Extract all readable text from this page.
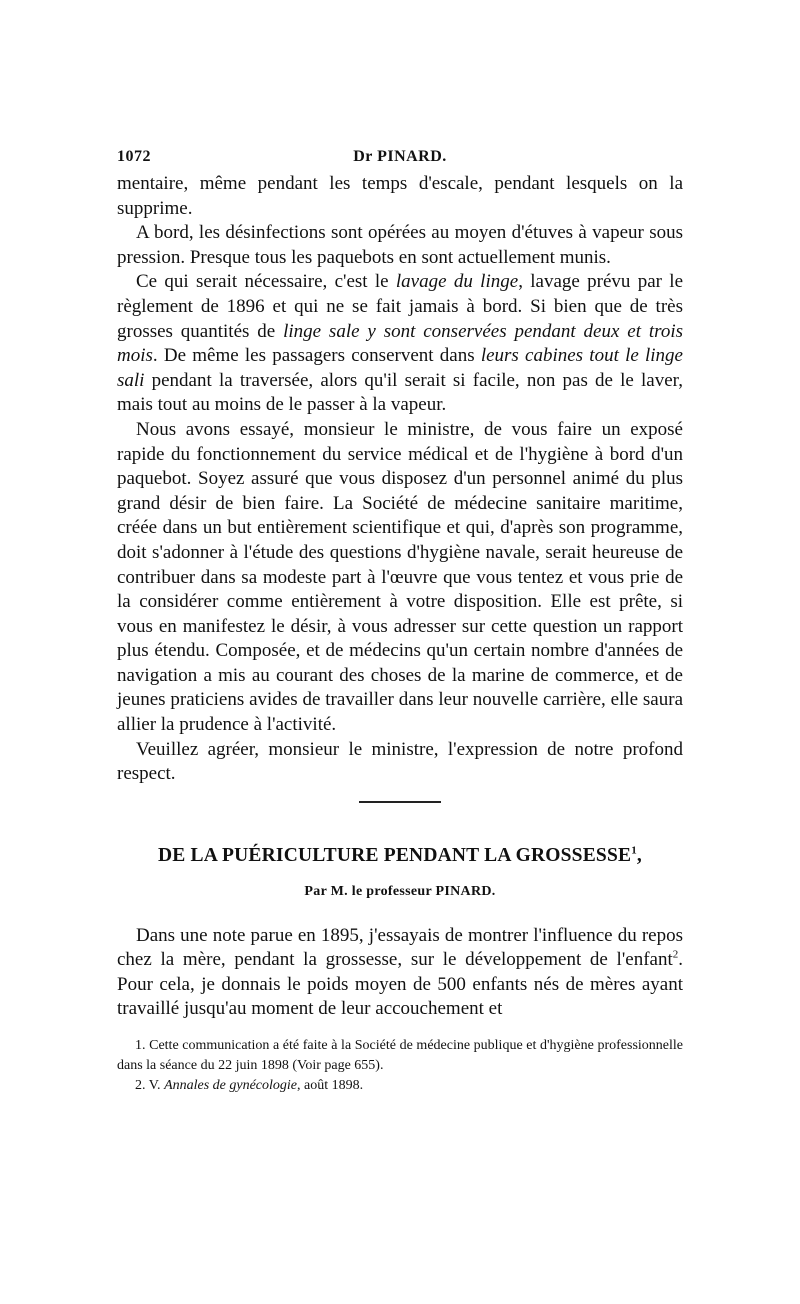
1072	Dr PINARD.

mentaire, même pendant les temps d'escale, pendant lesquels on la supprime.

A bord, les désinfections sont opérées au moyen d'étuves à vapeur sous pression. Presque tous les paquebots en sont actuellement munis.

Ce qui serait nécessaire, c'est le lavage du linge, lavage prévu par le règlement de 1896 et qui ne se fait jamais à bord. Si bien que de très grosses quantités de linge sale y sont conservées pendant deux et trois mois. De même les passagers conservent dans leurs cabines tout le linge sali pendant la traversée, alors qu'il serait si facile, non pas de le laver, mais tout au moins de le passer à la vapeur.

Nous avons essayé, monsieur le ministre, de vous faire un exposé rapide du fonctionnement du service médical et de l'hygiène à bord d'un paquebot. Soyez assuré que vous disposez d'un personnel animé du plus grand désir de bien faire. La Société de médecine sanitaire maritime, créée dans un but entièrement scientifique et qui, d'après son programme, doit s'adonner à l'étude des questions d'hygiène navale, serait heureuse de contribuer dans sa modeste part à l'œuvre que vous tentez et vous prie de la considérer comme entièrement à votre disposition. Elle est prête, si vous en manifestez le désir, à vous adresser sur cette question un rapport plus étendu. Composée, et de médecins qu'un certain nombre d'années de navigation a mis au courant des choses de la marine de commerce, et de jeunes praticiens avides de travailler dans leur nouvelle carrière, elle saura allier la prudence à l'activité.

Veuillez agréer, monsieur le ministre, l'expression de notre profond respect.

DE LA PUÉRICULTURE PENDANT LA GROSSESSE$^1$,
Par M. le professeur PINARD.

Dans une note parue en 1895, j'essayais de montrer l'influence du repos chez la mère, pendant la grossesse, sur le développement de l'enfant$^2$. Pour cela, je donnais le poids moyen de 500 enfants nés de mères ayant travaillé jusqu'au moment de leur accouchement et

1. Cette communication a été faite à la Société de médecine publique et d'hygiène professionnelle dans la séance du 22 juin 1898 (Voir page 655).

2. V. Annales de gynécologie, août 1898.
